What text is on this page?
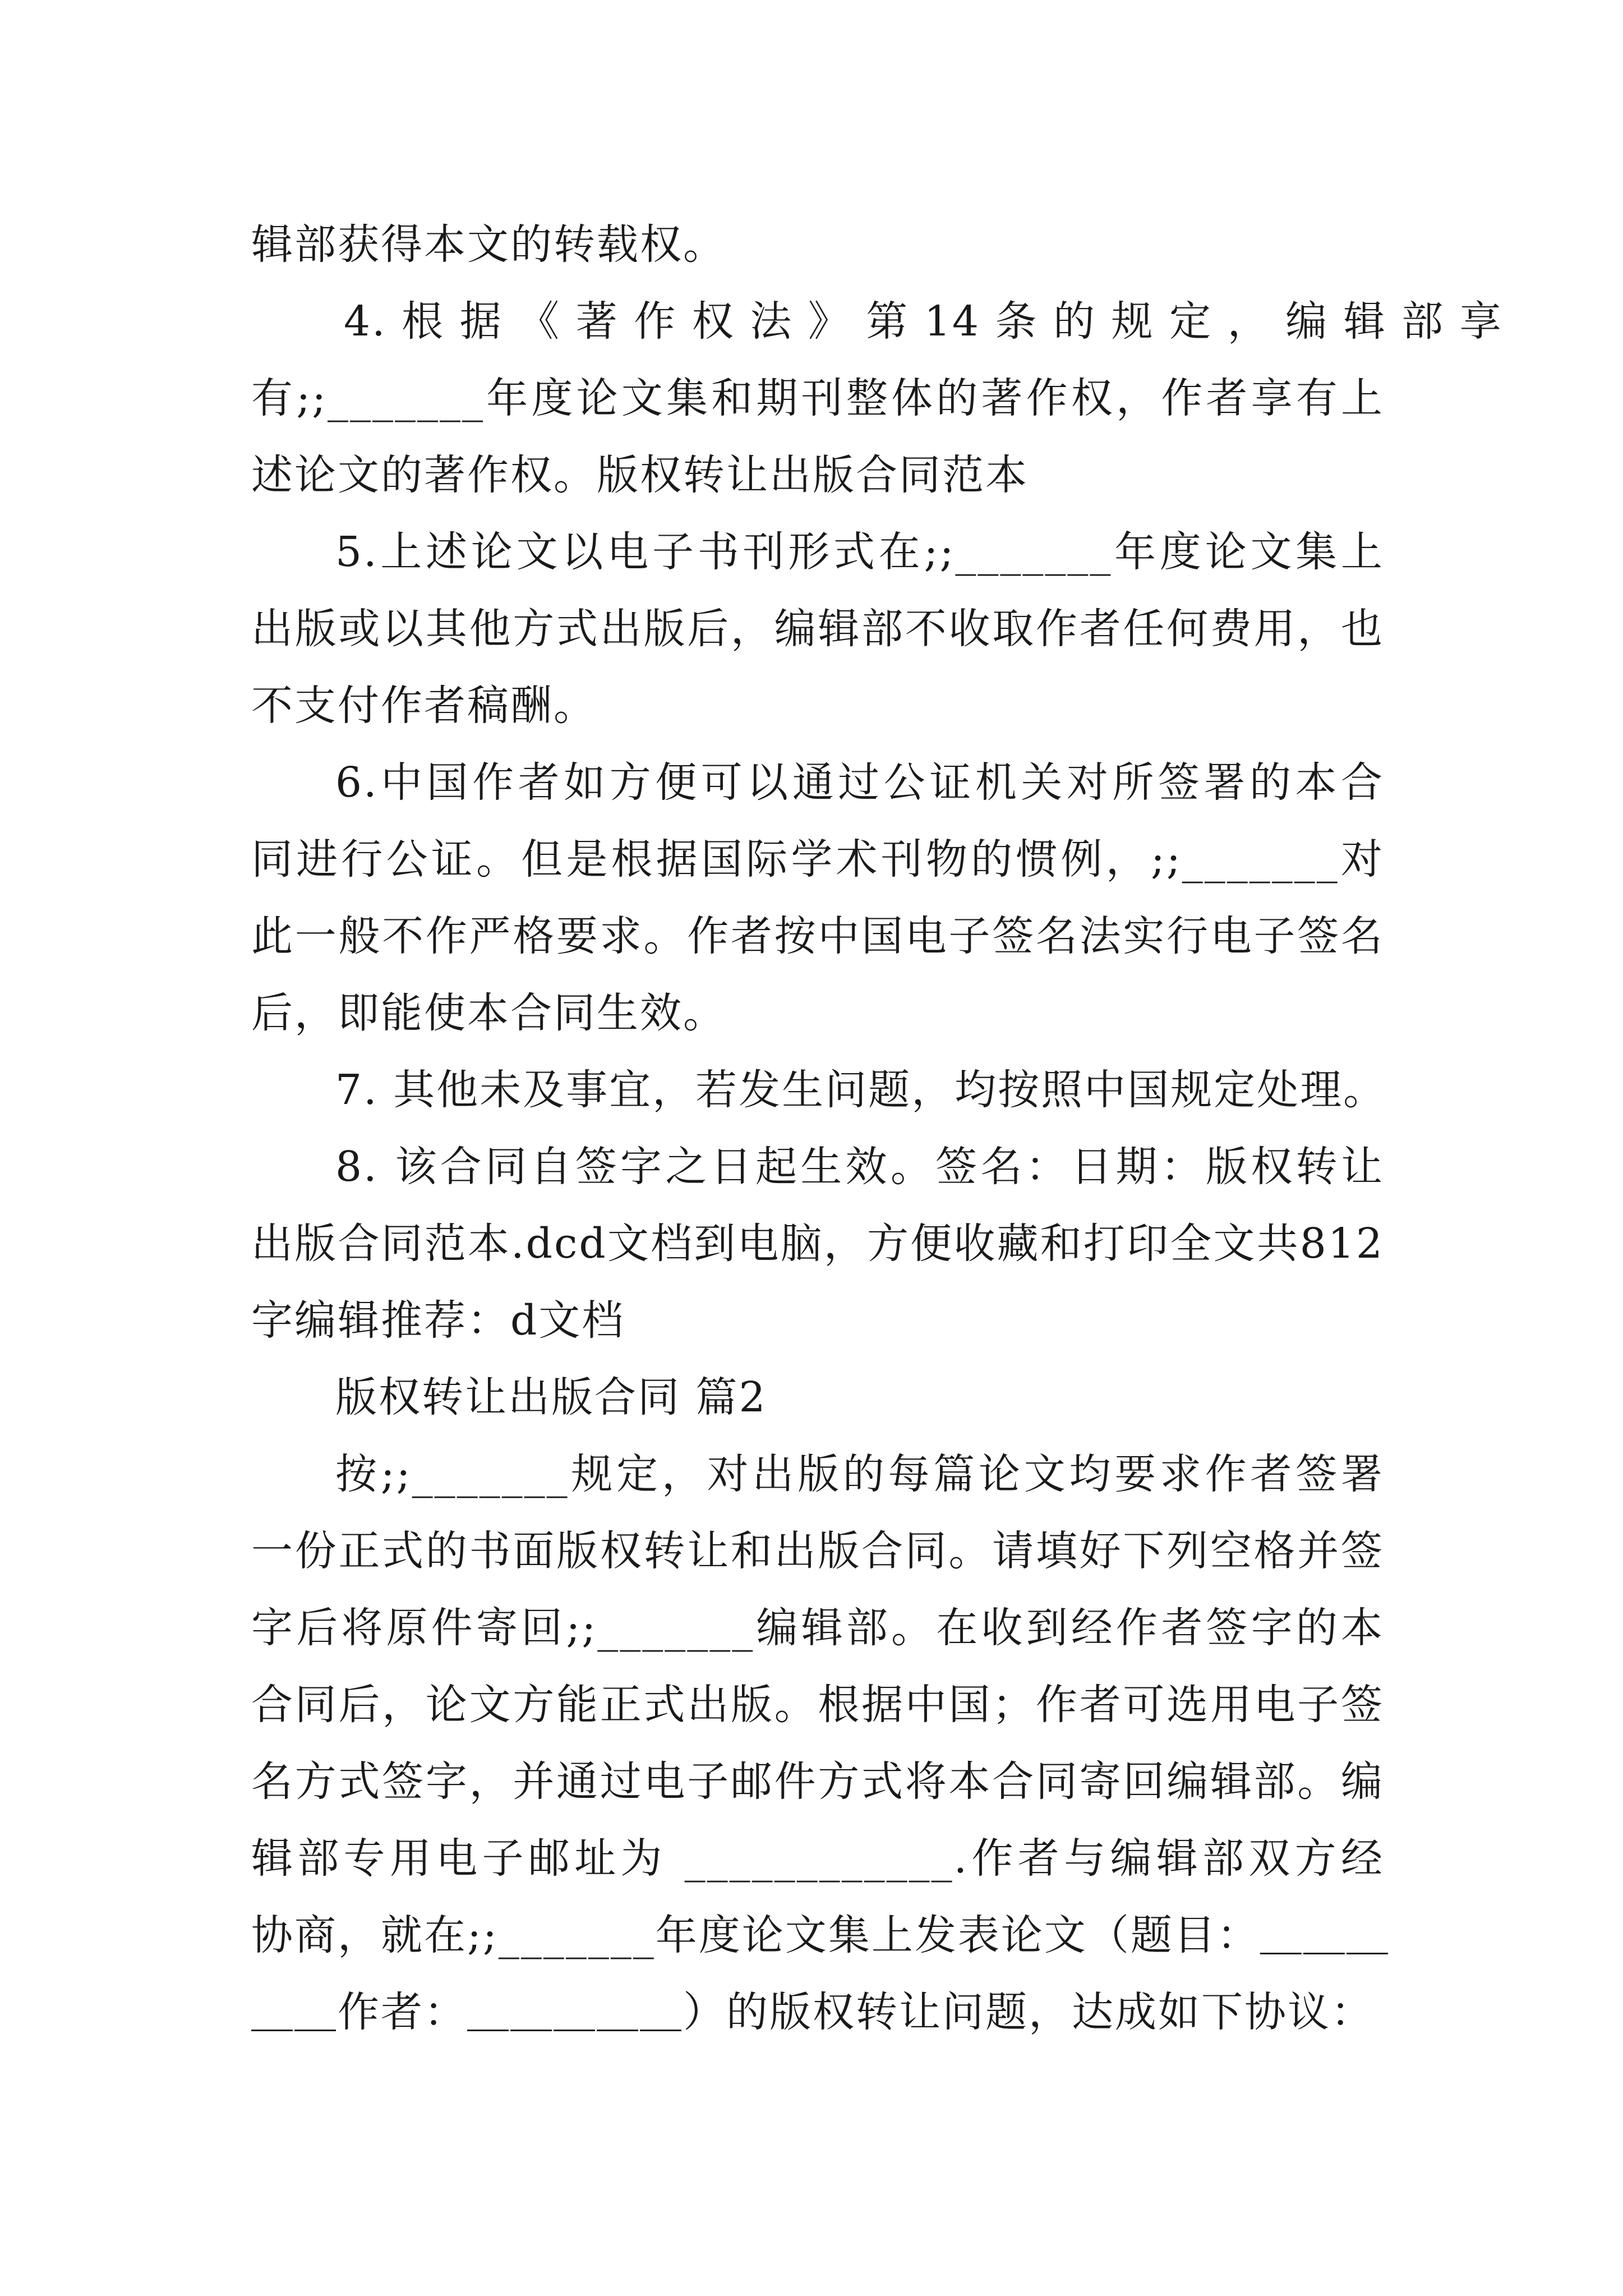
辑部获得本文的转载权。
4. 根 据 《 著 作 权 法 》 第 14 条 的 规 定 ， 编 辑 部 享
有;;_______年度论文集和期刊整体的著作权，作者享有上
述论文的著作权。版权转让出版合同范本
5.上述论文以电子书刊形式在;;_______年度论文集上
出版或以其他方式出版后，编辑部不收取作者任何费用，也
不支付作者稿酬。
6.中国作者如方便可以通过公证机关对所签署的本合
同进行公证。但是根据国际学术刊物的惯例，;;_______对
此一般不作严格要求。作者按中国电子签名法实行电子签名
后，即能使本合同生效。
7. 其他未及事宜，若发生问题，均按照中国规定处理。
8. 该合同自签字之日起生效。签名：日期：版权转让
出版合同范本.dcd文档到电脑，方便收藏和打印全文共812
字编辑推荐：d文档
版权转让出版合同 篇2
按;;_______规定，对出版的每篇论文均要求作者签署
一份正式的书面版权转让和出版合同。请填好下列空格并签
字后将原件寄回;;_______编辑部。在收到经作者签字的本
合同后，论文方能正式出版。根据中国；作者可选用电子签
名方式签字，并通过电子邮件方式将本合同寄回编辑部。编
辑部专用电子邮址为 ____________.作者与编辑部双方经
协商，就在;;_______年度论文集上发表论文（题目：＿＿＿
＿＿作者：＿＿＿＿＿）的版权转让问题，达成如下协议：
